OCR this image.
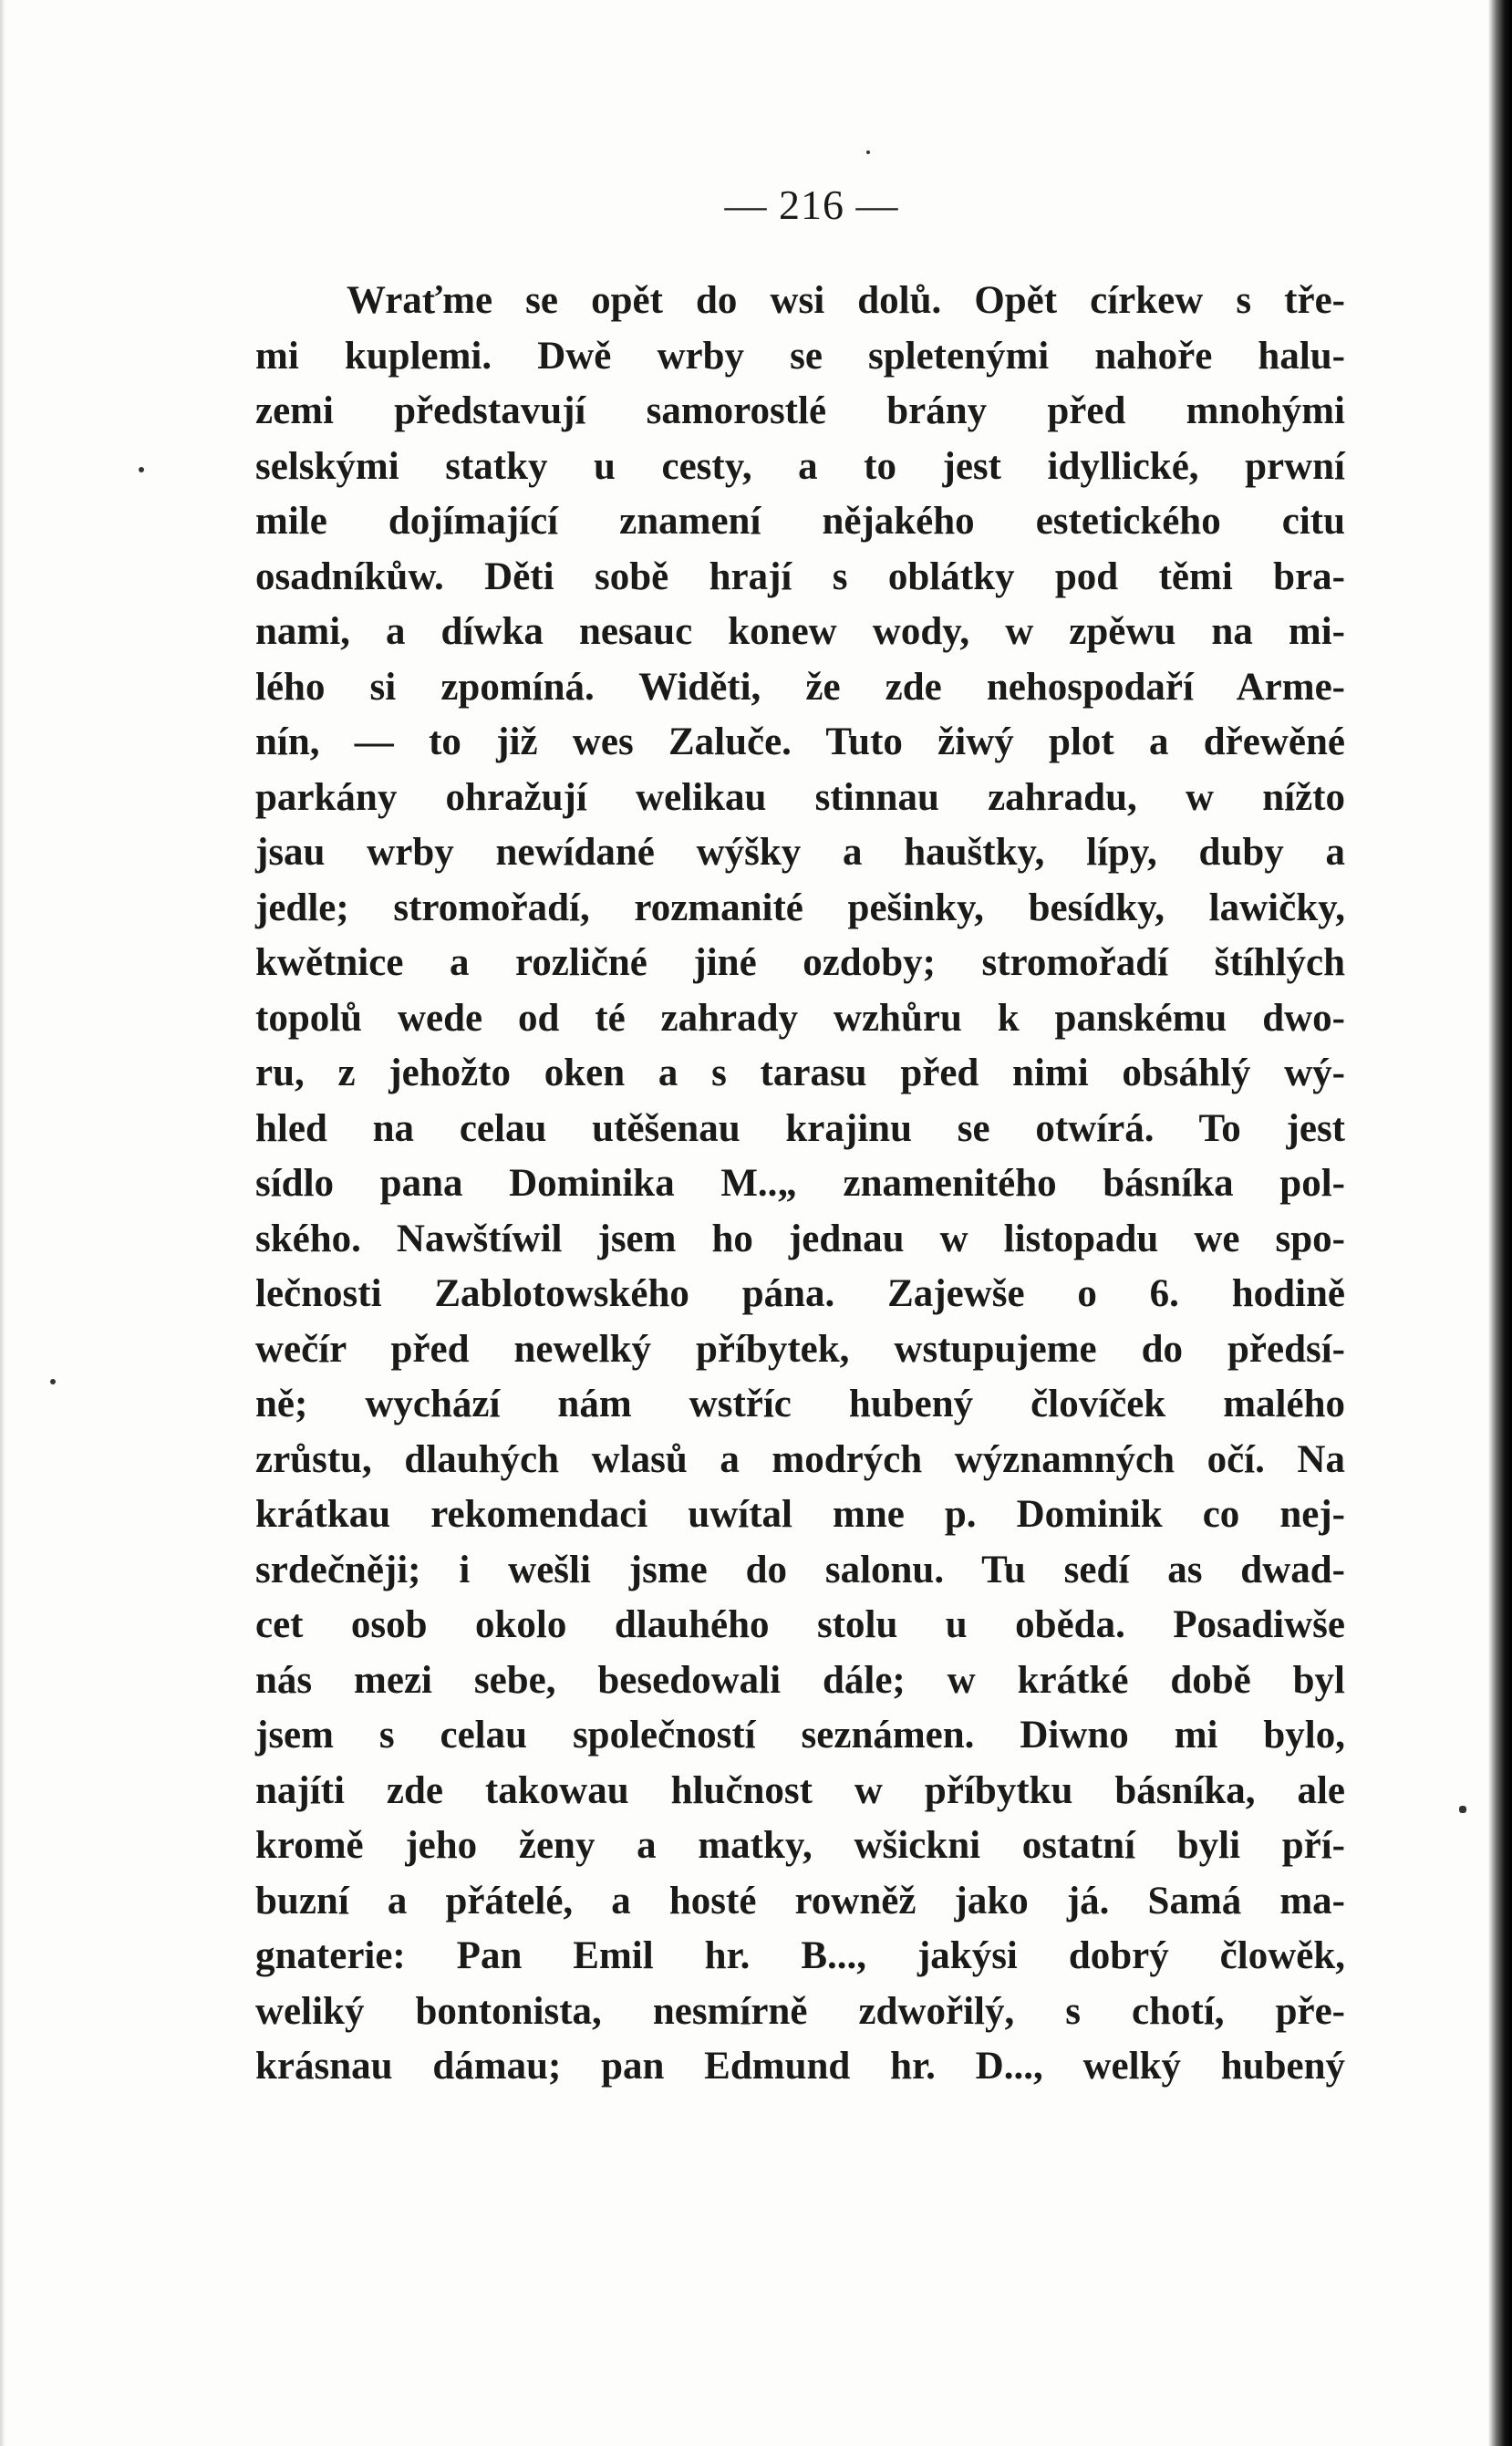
— 216 —
Wraťme se opět do wsi dolů. Opět církew s tře-
mi kuplemi. Dwě wrby se spletenými nahoře halu-
zemi představují samorostlé brány před mnohými
selskými statky u cesty, a to jest idyllické, prwní
mile dojímající znamení nějakého estetického citu
osadníkůw. Děti sobě hrají s oblátky pod těmi bra-
nami, a díwka nesauc konew wody, w zpěwu na mi-
lého si zpomíná. Widěti, že zde nehospodaří Arme-
nín, — to již wes Zaluče. Tuto žiwý plot a dřewěné
parkány ohražují welikau stinnau zahradu, w nížto
jsau wrby newídané wýšky a hauštky, lípy, duby a
jedle; stromořadí, rozmanité pešinky, besídky, lawičky,
kwětnice a rozličné jiné ozdoby; stromořadí štíhlých
topolů wede od té zahrady wzhůru k panskému dwo-
ru, z jehožto oken a s tarasu před nimi obsáhlý wý-
hled na celau utěšenau krajinu se otwírá. To jest
sídlo pana Dominika M..„ znamenitého básníka pol-
ského. Nawštíwil jsem ho jednau w listopadu we spo-
lečnosti Zablotowského pána. Zajewše o 6. hodině
wečír před newelký příbytek, wstupujeme do předsí-
ně; wychází nám wstříc hubený človíček malého
zrůstu, dlauhých wlasů a modrých wýznamných očí. Na
krátkau rekomendaci uwítal mne p. Dominik co nej-
srdečněji; i wešli jsme do salonu. Tu sedí as dwad-
cet osob okolo dlauhého stolu u oběda. Posadiwše
nás mezi sebe, besedowali dále; w krátké době byl
jsem s celau společností seznámen. Diwno mi bylo,
najíti zde takowau hlučnost w příbytku básníka, ale
kromě jeho ženy a matky, wšickni ostatní byli pří-
buzní a přátelé, a hosté rowněž jako já. Samá ma-
gnaterie: Pan Emil hr. B..., jakýsi dobrý člowěk,
weliký bontonista, nesmírně zdwořilý, s chotí, pře-
krásnau dámau; pan Edmund hr. D..., welký hubený
